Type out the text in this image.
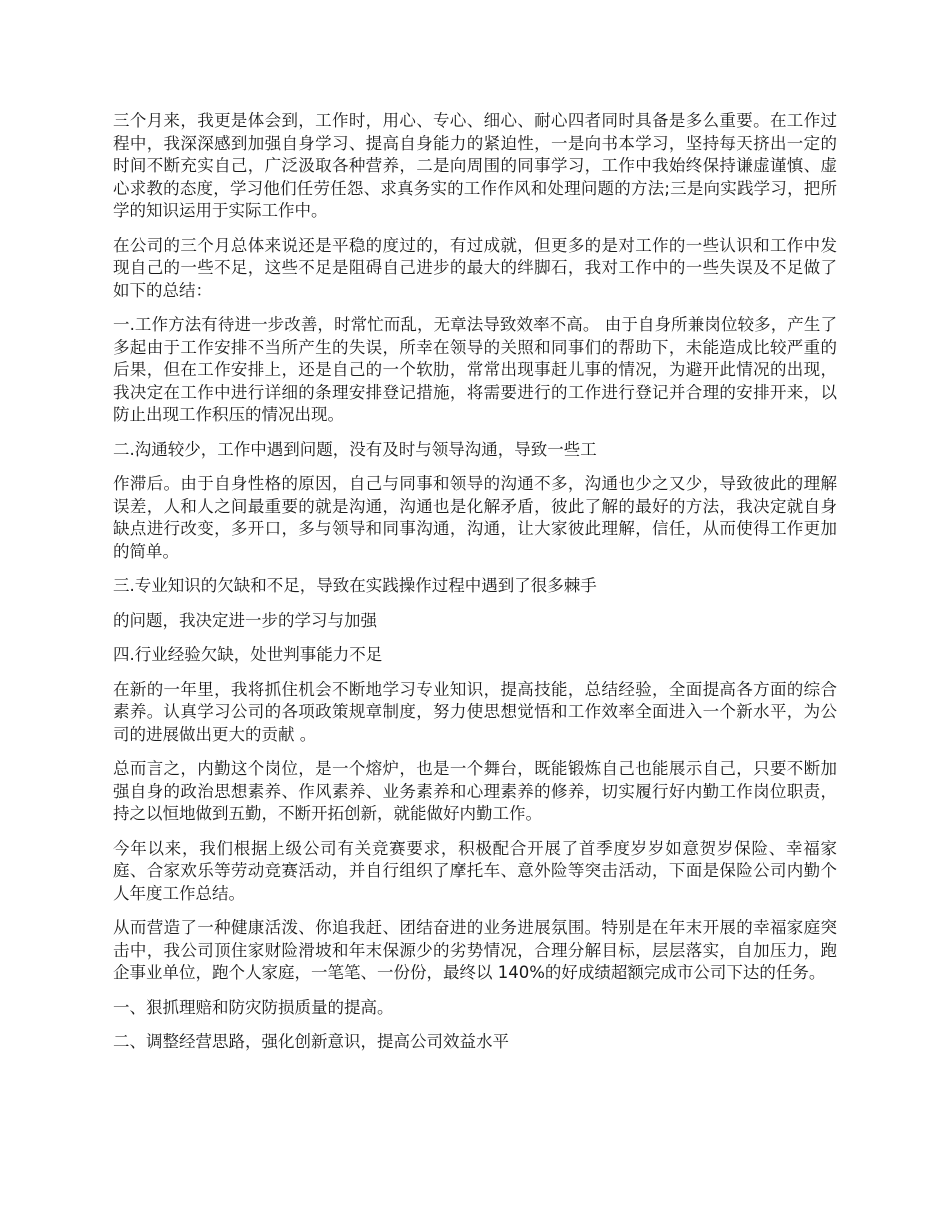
三个月来，我更是体会到，工作时，用心、专心、细心、耐心四者同时具备是多么重要。在工作过程中，我深深感到加强自身学习、提高自身能力的紧迫性，一是向书本学习，坚持每天挤出一定的时间不断充实自己，广泛汲取各种营养，二是向周围的同事学习，工作中我始终保持谦虚谨慎、虚心求教的态度，学习他们任劳任怨、求真务实的工作作风和处理问题的方法;三是向实践学习，把所学的知识运用于实际工作中。

在公司的三个月总体来说还是平稳的度过的，有过成就，但更多的是对工作的一些认识和工作中发现自己的一些不足，这些不足是阻碍自己进步的最大的绊脚石，我对工作中的一些失误及不足做了如下的总结：

一.工作方法有待进一步改善，时常忙而乱，无章法导致效率不高。 由于自身所兼岗位较多，产生了多起由于工作安排不当所产生的失误，所幸在领导的关照和同事们的帮助下，未能造成比较严重的后果，但在工作安排上，还是自己的一个软肋，常常出现事赶儿事的情况，为避开此情况的出现，我决定在工作中进行详细的条理安排登记措施，将需要进行的工作进行登记并合理的安排开来，以防止出现工作积压的情况出现。

二.沟通较少，工作中遇到问题，没有及时与领导沟通，导致一些工

作滞后。由于自身性格的原因，自己与同事和领导的沟通不多，沟通也少之又少，导致彼此的理解误差，人和人之间最重要的就是沟通，沟通也是化解矛盾，彼此了解的最好的方法，我决定就自身缺点进行改变，多开口，多与领导和同事沟通，沟通，让大家彼此理解，信任，从而使得工作更加的简单。

三.专业知识的欠缺和不足，导致在实践操作过程中遇到了很多棘手

的问题，我决定进一步的学习与加强

四.行业经验欠缺，处世判事能力不足

在新的一年里，我将抓住机会不断地学习专业知识，提高技能，总结经验，全面提高各方面的综合素养。认真学习公司的各项政策规章制度，努力使思想觉悟和工作效率全面进入一个新水平，为公司的进展做出更大的贡献 。

总而言之，内勤这个岗位，是一个熔炉，也是一个舞台，既能锻炼自己也能展示自己，只要不断加强自身的政治思想素养、作风素养、业务素养和心理素养的修养，切实履行好内勤工作岗位职责，持之以恒地做到五勤，不断开拓创新，就能做好内勤工作。

今年以来，我们根据上级公司有关竞赛要求，积极配合开展了首季度岁岁如意贺岁保险、幸福家庭、合家欢乐等劳动竞赛活动，并自行组织了摩托车、意外险等突击活动，下面是保险公司内勤个人年度工作总结。

从而营造了一种健康活泼、你追我赶、团结奋进的业务进展氛围。特别是在年末开展的幸福家庭突击中，我公司顶住家财险滑坡和年末保源少的劣势情况，合理分解目标，层层落实，自加压力，跑企事业单位，跑个人家庭，一笔笔、一份份，最终以 140%的好成绩超额完成市公司下达的任务。

一、狠抓理赔和防灾防损质量的提高。

二、调整经营思路，强化创新意识，提高公司效益水平
